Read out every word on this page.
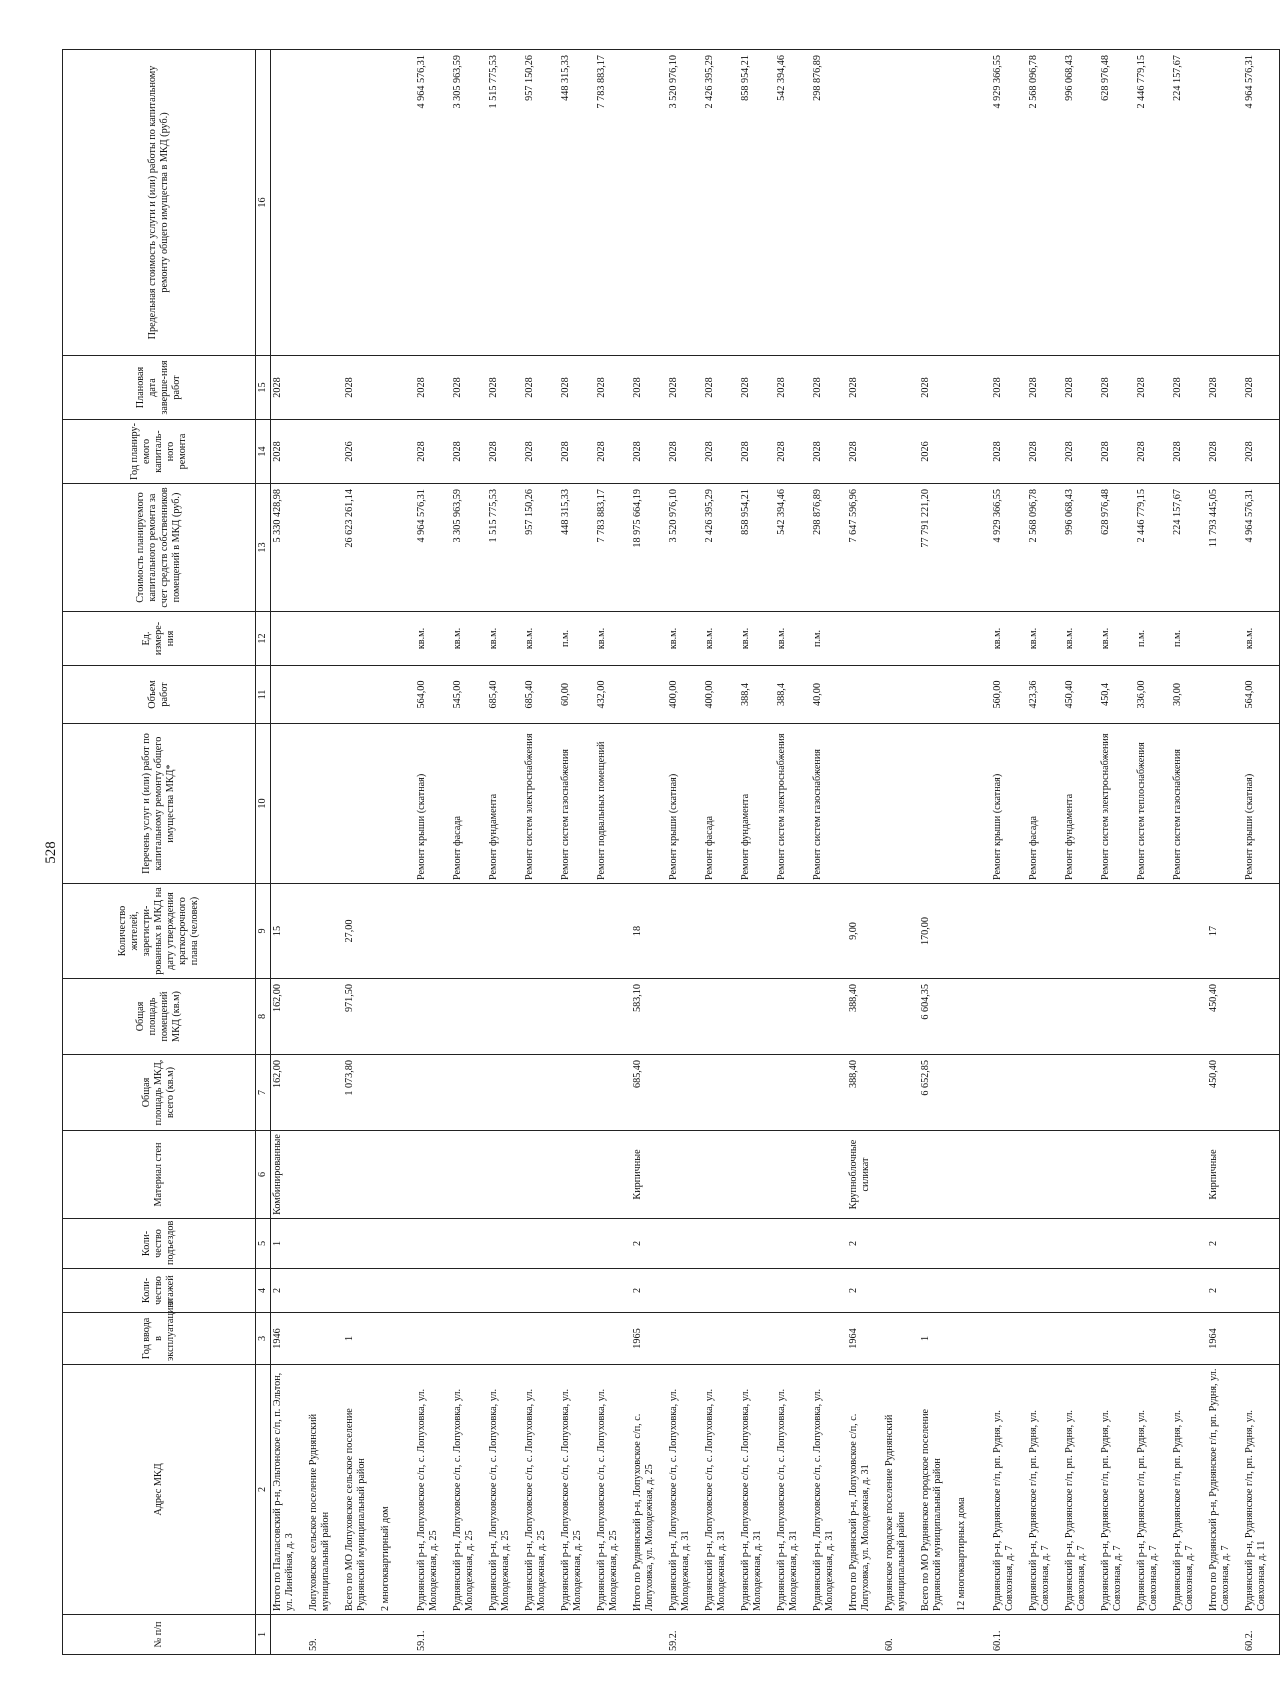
528
№ п/п	Адрес МКД	Год ввода в эксплуатацию	Коли-чество этажей	Коли-чество подъездов	Материал стен	Общая площадь МКД, всего (кв.м)	Общая площадь помещений МКД (кв.м)	Количество жителей, зарегистри-рованных в МКД на дату утверждения краткосрочного плана (человек)	Перечень услуг и (или) работ по капитальному ремонту общего имущества МКД*	Объем работ	Ед. измере-ния	Стоимость планируемого капитального ремонта за счет средств собственников помещений в МКД (руб.)	Год планиру-емого капиталь-ного ремонта	Плановая дата заверше-ния работ	Предельная стоимость услуги и (или) работы по капитальному ремонту общего имущества в МКД (руб.)
1	2	3	4	5	6	7	8	9	10	11	12	13	14	15	16
	Итого по Палласовский р-н, Эльтонское с/п, п. Эльтон, ул. Линейная, д. 3	1946	2	1	Комбинированные	162,00	162,00	15				5 330 428,98	2028	2028	
59.	Лопуховское сельское поселение Руднянский муниципальный район														
	Всего по МО Лопуховское сельское поселение Руднянский муниципальный район	1				1 073,80	971,50	27,00				26 623 261,14	2026	2028	
	2 многоквартирный дом														
59.1.	Руднянский р-н, Лопуховское с/п, с. Лопуховка, ул. Молодежная, д. 25								Ремонт крыши (скатная)	564,00	кв.м.	4 964 576,31	2028	2028	4 964 576,31
	Руднянский р-н, Лопуховское с/п, с. Лопуховка, ул. Молодежная, д. 25								Ремонт фасада	545,00	кв.м.	3 305 963,59	2028	2028	3 305 963,59
	Руднянский р-н, Лопуховское с/п, с. Лопуховка, ул. Молодежная, д. 25								Ремонт фундамента	685,40	кв.м.	1 515 775,53	2028	2028	1 515 775,53
	Руднянский р-н, Лопуховское с/п, с. Лопуховка, ул. Молодежная, д. 25								Ремонт систем электроснабжения	685,40	кв.м.	957 150,26	2028	2028	957 150,26
	Руднянский р-н, Лопуховское с/п, с. Лопуховка, ул. Молодежная, д. 25								Ремонт систем газоснабжения	60,00	п.м.	448 315,33	2028	2028	448 315,33
	Руднянский р-н, Лопуховское с/п, с. Лопуховка, ул. Молодежная, д. 25								Ремонт подвальных помещений	432,00	кв.м.	7 783 883,17	2028	2028	7 783 883,17
	Итого по Руднянский р-н, Лопуховское с/п, с. Лопуховка, ул. Молодежная, д. 25	1965	2	2	Кирпичные	685,40	583,10	18				18 975 664,19	2028	2028	
59.2.	Руднянский р-н, Лопуховское с/п, с. Лопуховка, ул. Молодежная, д. 31								Ремонт крыши (скатная)	400,00	кв.м.	3 520 976,10	2028	2028	3 520 976,10
	Руднянский р-н, Лопуховское с/п, с. Лопуховка, ул. Молодежная, д. 31								Ремонт фасада	400,00	кв.м.	2 426 395,29	2028	2028	2 426 395,29
	Руднянский р-н, Лопуховское с/п, с. Лопуховка, ул. Молодежная, д. 31								Ремонт фундамента	388,4	кв.м.	858 954,21	2028	2028	858 954,21
	Руднянский р-н, Лопуховское с/п, с. Лопуховка, ул. Молодежная, д. 31								Ремонт систем электроснабжения	388,4	кв.м.	542 394,46	2028	2028	542 394,46
	Руднянский р-н, Лопуховское с/п, с. Лопуховка, ул. Молодежная, д. 31								Ремонт систем газоснабжения	40,00	п.м.	298 876,89	2028	2028	298 876,89
	Итого по Руднянский р-н, Лопуховское с/п, с. Лопуховка, ул. Молодежная, д. 31	1964	2	2	Крупноблочные силикат	388,40	388,40	9,00				7 647 596,96	2028	2028	
60.	Руднянское городское поселение Руднянский муниципальный район														
	Всего по МО Руднянское городское поселение Руднянский муниципальный район	1				6 652,85	6 604,35	170,00				77 791 221,20	2026	2028	
	12 многоквартирных дома														
60.1.	Руднянский р-н, Руднянское г/п, рп. Рудня, ул. Совхозная, д. 7								Ремонт крыши (скатная)	560,00	кв.м.	4 929 366,55	2028	2028	4 929 366,55
	Руднянский р-н, Руднянское г/п, рп. Рудня, ул. Совхозная, д. 7								Ремонт фасада	423,36	кв.м.	2 568 096,78	2028	2028	2 568 096,78
	Руднянский р-н, Руднянское г/п, рп. Рудня, ул. Совхозная, д. 7								Ремонт фундамента	450,40	кв.м.	996 068,43	2028	2028	996 068,43
	Руднянский р-н, Руднянское г/п, рп. Рудня, ул. Совхозная, д. 7								Ремонт систем электроснабжения	450,4	кв.м.	628 976,48	2028	2028	628 976,48
	Руднянский р-н, Руднянское г/п, рп. Рудня, ул. Совхозная, д. 7								Ремонт систем теплоснабжения	336,00	п.м.	2 446 779,15	2028	2028	2 446 779,15
	Руднянский р-н, Руднянское г/п, рп. Рудня, ул. Совхозная, д. 7								Ремонт систем газоснабжения	30,00	п.м.	224 157,67	2028	2028	224 157,67
	Итого по Руднянский р-н, Руднянское г/п, рп. Рудня, ул. Совхозная, д. 7	1964	2	2	Кирпичные	450,40	450,40	17				11 793 445,05	2028	2028	
60.2.	Руднянский р-н, Руднянское г/п, рп. Рудня, ул. Совхозная, д. 11								Ремонт крыши (скатная)	564,00	кв.м.	4 964 576,31	2028	2028	4 964 576,31
